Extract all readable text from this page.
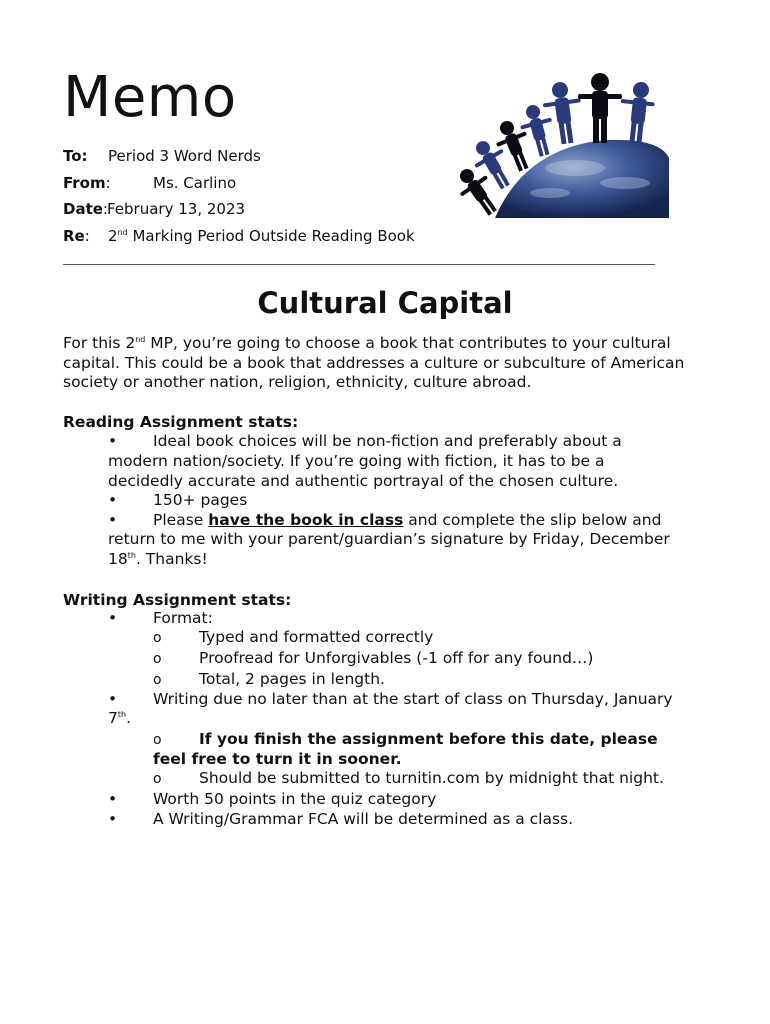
Memo
To: Period 3 Word Nerds
From:	Ms. Carlino
Date: February 13, 2023
Re: 2nd Marking Period Outside Reading Book
Cultural Capital
For this 2nd MP, you’re going to choose a book that contributes to your cultural capital. This could be a book that addresses a culture or subculture of American society or another nation, religion, ethnicity, culture abroad.
Reading Assignment stats:
• Ideal book choices will be non-fiction and preferably about a
modern nation/society. If you’re going with fiction, it has to be a
decidedly accurate and authentic portrayal of the chosen culture.
• 150+ pages
• Please have the book in class and complete the slip below and
return to me with your parent/guardian’s signature by Friday, December
18th. Thanks!
Writing Assignment stats:
• Format:
o Typed and formatted correctly
o Proofread for Unforgivables (-1 off for any found…)
o Total, 2 pages in length.
• Writing due no later than at the start of class on Thursday, January
7th.
o If you finish the assignment before this date, please
feel free to turn it in sooner.
o Should be submitted to turnitin.com by midnight that night.
• Worth 50 points in the quiz category
• A Writing/Grammar FCA will be determined as a class.
